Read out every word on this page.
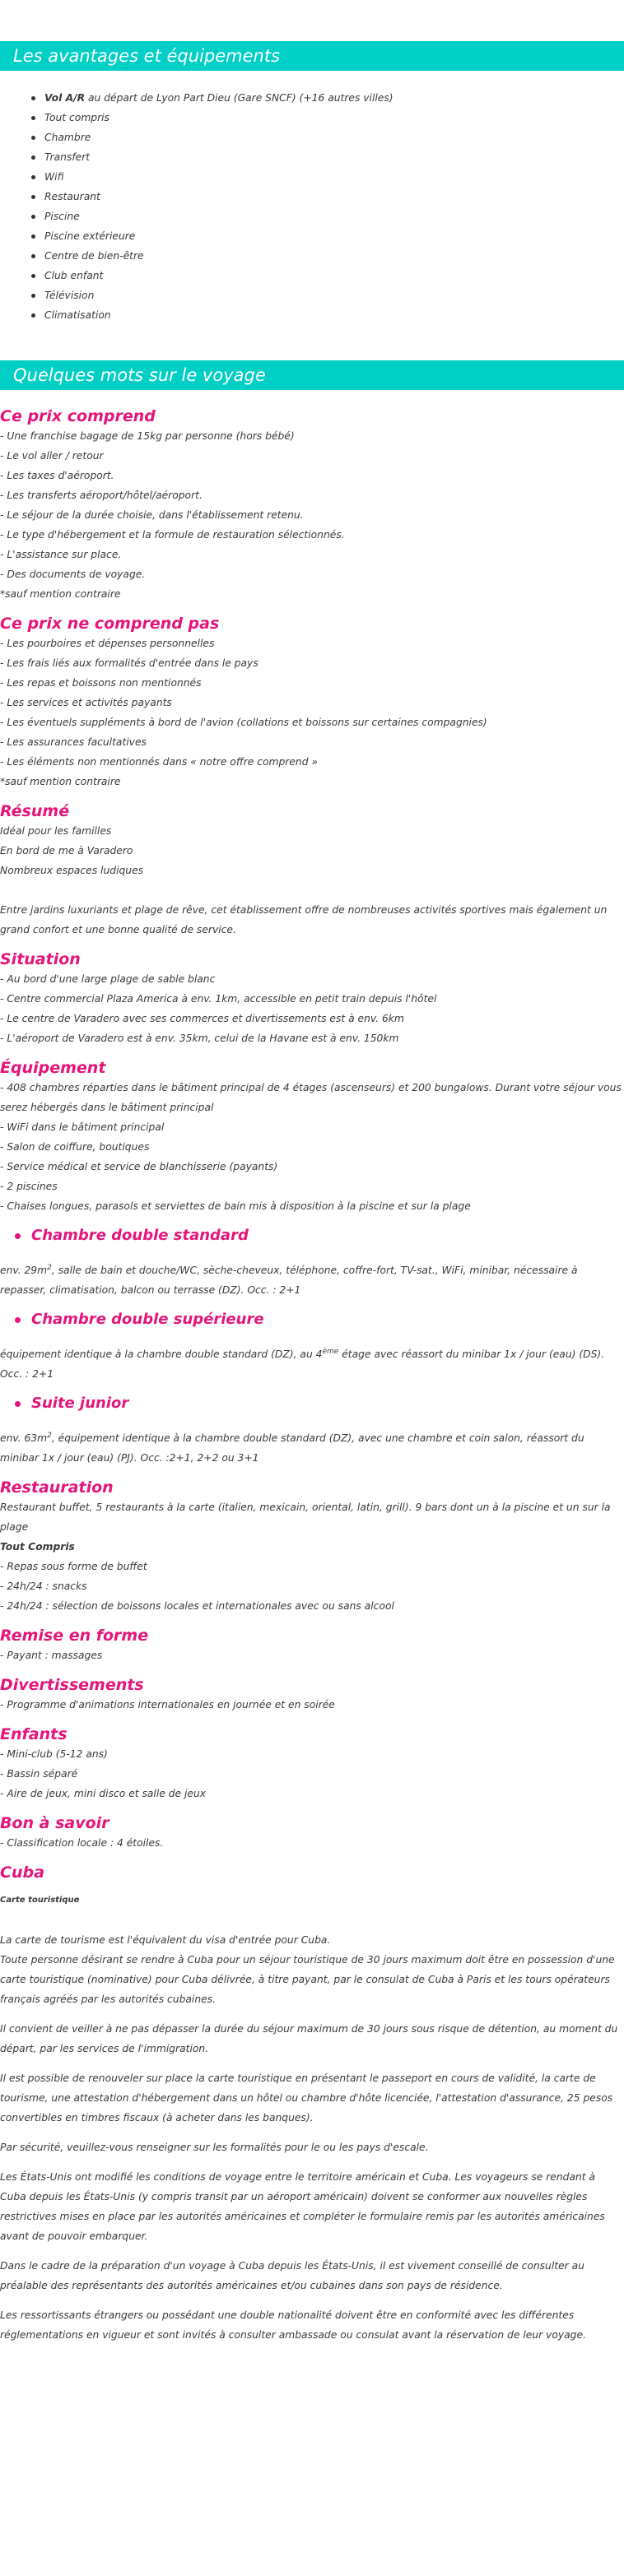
Les avantages et équipements
Vol A/R au départ de Lyon Part Dieu (Gare SNCF) (+16 autres villes)
Tout compris
Chambre
Transfert
Wifi
Restaurant
Piscine
Piscine extérieure
Centre de bien-être
Club enfant
Télévision
Climatisation
Quelques mots sur le voyage
Ce prix comprend
- Une franchise bagage de 15kg par personne (hors bébé)
- Le vol aller / retour
- Les taxes d'aéroport.
- Les transferts aéroport/hôtel/aéroport.
- Le séjour de la durée choisie, dans l'établissement retenu.
- Le type d'hébergement et la formule de restauration sélectionnés.
- L'assistance sur place.
- Des documents de voyage.
*sauf mention contraire
Ce prix ne comprend pas
- Les pourboires et dépenses personnelles
- Les frais liés aux formalités d'entrée dans le pays
- Les repas et boissons non mentionnés
- Les services et activités payants
- Les éventuels suppléments à bord de l'avion (collations et boissons sur certaines compagnies)
- Les assurances facultatives
- Les éléments non mentionnés dans « notre offre comprend »
*sauf mention contraire
Résumé
Idéal pour les familles
En bord de me à Varadero
Nombreux espaces ludiques
Entre jardins luxuriants et plage de rêve, cet établissement offre de nombreuses activités sportives mais également un grand confort et une bonne qualité de service.
Situation
- Au bord d'une large plage de sable blanc
- Centre commercial Plaza America à env. 1km, accessible en petit train depuis l'hôtel
- Le centre de Varadero avec ses commerces et divertissements est à env. 6km
- L'aéroport de Varadero est à env. 35km, celui de la Havane est à env. 150km
Équipement
- 408 chambres réparties dans le bâtiment principal de 4 étages (ascenseurs) et 200 bungalows. Durant votre séjour vous serez hébergés dans le bâtiment principal
- WiFi dans le bâtiment principal
- Salon de coiffure, boutiques
- Service médical et service de blanchisserie (payants)
- 2 piscines
- Chaises longues, parasols et serviettes de bain mis à disposition à la piscine et sur la plage
Chambre double standard
env. $29m^2$, salle de bain et douche/WC, sèche-cheveux, téléphone, coffre-fort, TV-sat., WiFi, minibar, nécessaire à repasser, climatisation, balcon ou terrasse (DZ). Occ. : 2+1
Chambre double supérieure
équipement identique à la chambre double standard (DZ), au 4ème étage avec réassort du minibar 1x / jour (eau) (DS). Occ. : 2+1
Suite junior
env. $63m^2$, équipement identique à la chambre double standard (DZ), avec une chambre et coin salon, réassort du minibar 1x / jour (eau) (PJ). Occ. :2+1, 2+2 ou 3+1
Restauration
Restaurant buffet, 5 restaurants à la carte (italien, mexicain, oriental, latin, grill). 9 bars dont un à la piscine et un sur la plage
Tout Compris
- Repas sous forme de buffet
- 24h/24 : snacks
- 24h/24 : sélection de boissons locales et internationales avec ou sans alcool
Remise en forme
- Payant : massages
Divertissements
- Programme d'animations internationales en journée et en soirée
Enfants
- Mini-club (5-12 ans)
- Bassin séparé
- Aire de jeux, mini disco et salle de jeux
Bon à savoir
- Classification locale : 4 étoiles.
Cuba
Carte touristique
La carte de tourisme est l'équivalent du visa d'entrée pour Cuba.
Toute personne désirant se rendre à Cuba pour un séjour touristique de 30 jours maximum doit être en possession d'une carte touristique (nominative) pour Cuba délivrée, à titre payant, par le consulat de Cuba à Paris et les tours opérateurs français agréés par les autorités cubaines.
Il convient de veiller à ne pas dépasser la durée du séjour maximum de 30 jours sous risque de détention, au moment du départ, par les services de l'immigration.
Il est possible de renouveler sur place la carte touristique en présentant le passeport en cours de validité, la carte de tourisme, une attestation d'hébergement dans un hôtel ou chambre d'hôte licenciée, l'attestation d'assurance, 25 pesos convertibles en timbres fiscaux (à acheter dans les banques).
Par sécurité, veuillez-vous renseigner sur les formalités pour le ou les pays d'escale.
Les États-Unis ont modifié les conditions de voyage entre le territoire américain et Cuba. Les voyageurs se rendant à Cuba depuis les États-Unis (y compris transit par un aéroport américain) doivent se conformer aux nouvelles règles restrictives mises en place par les autorités américaines et compléter le formulaire remis par les autorités américaines avant de pouvoir embarquer.
Dans le cadre de la préparation d'un voyage à Cuba depuis les États-Unis, il est vivement conseillé de consulter au préalable des représentants des autorités américaines et/ou cubaines dans son pays de résidence.
Les ressortissants étrangers ou possédant une double nationalité doivent être en conformité avec les différentes réglementations en vigueur et sont invités à consulter ambassade ou consulat avant la réservation de leur voyage.
